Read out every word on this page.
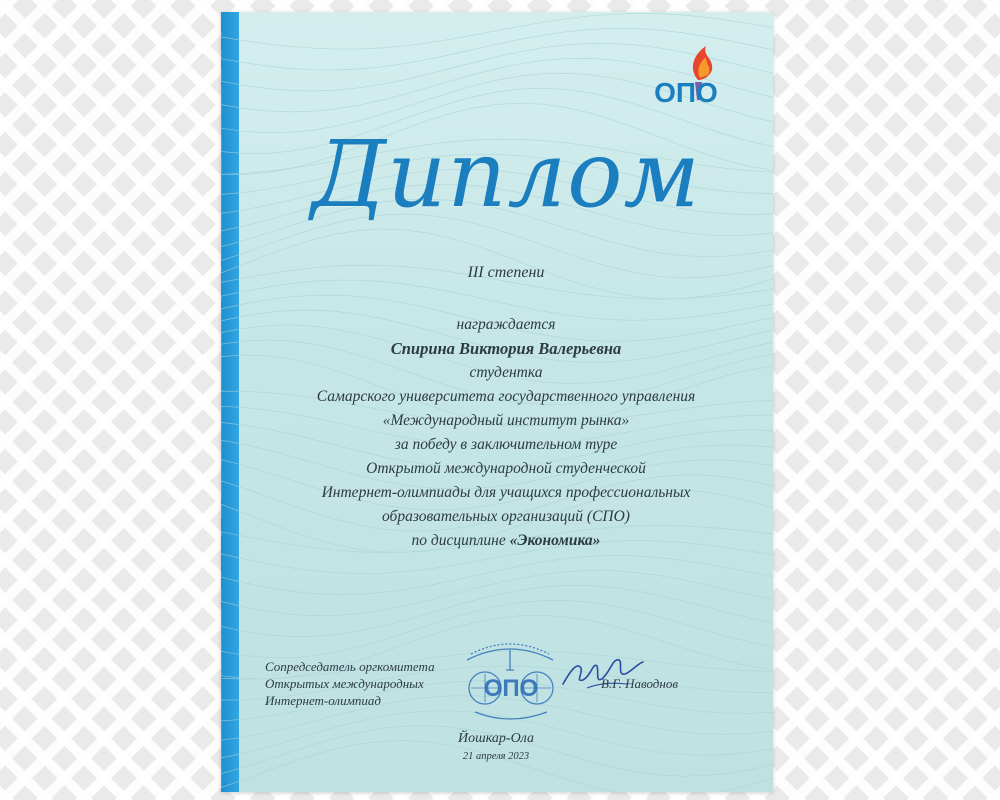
ОПО
Диплом
III степени
награждается
Спирина Виктория Валерьевна
студентка
Самарского университета государственного управления
«Международный институт рынка»
за победу в заключительном туре
Открытой международной студенческой
Интернет-олимпиады для учащихся профессиональных
образовательных организаций (СПО)
по дисциплине «Экономика»
Сопредседатель оргкомитета
Открытых международных
Интернет-олимпиад	ОПО	В.Г. Наводнов
Йошкар-Ола
21 апреля 2023
